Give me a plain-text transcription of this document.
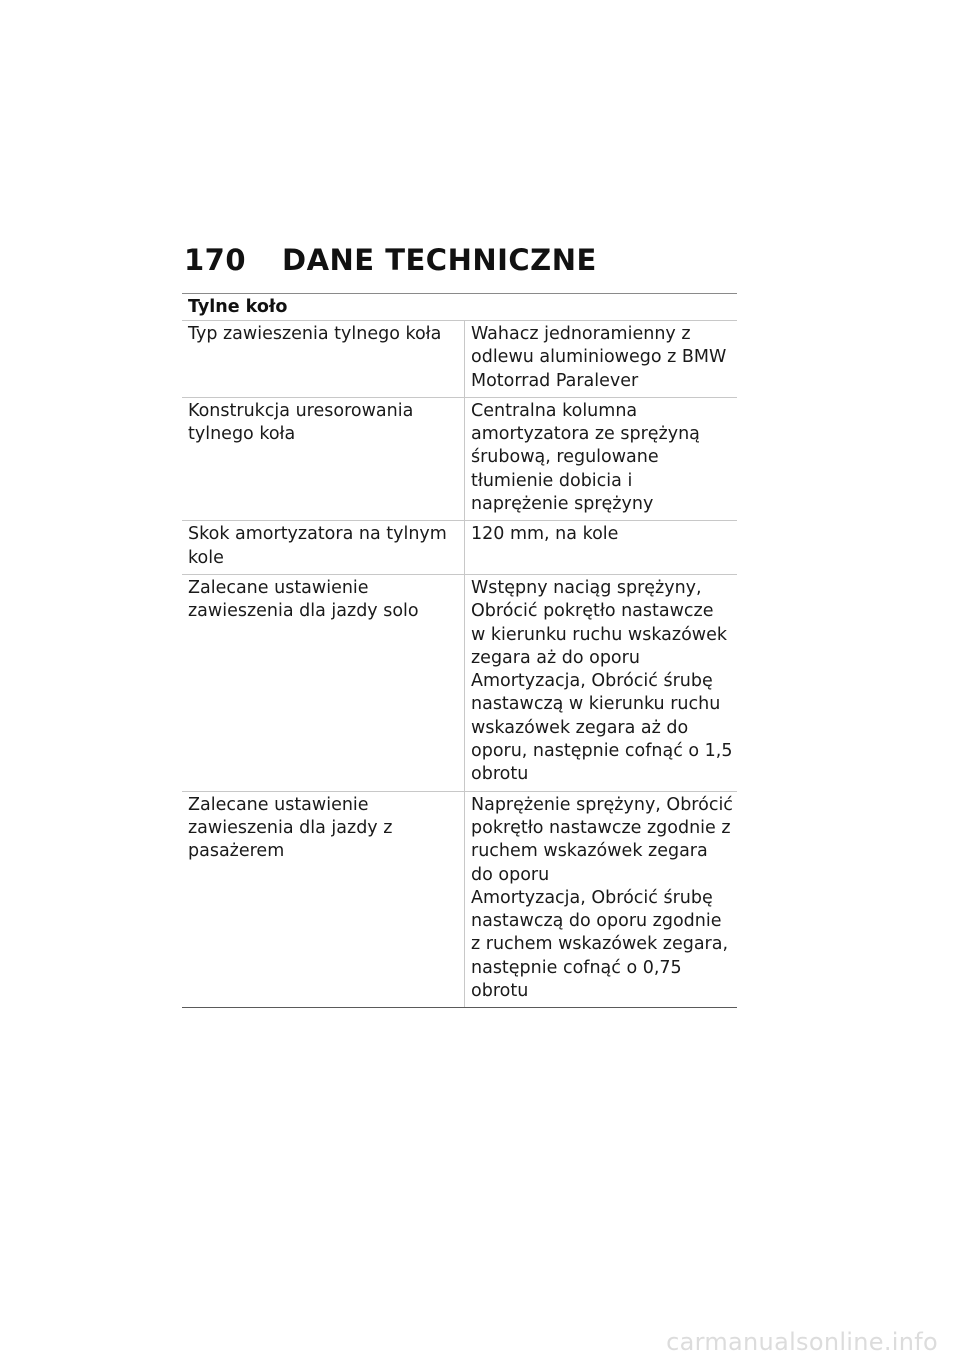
170	DANE TECHNICZNE
Tylne koło
Typ zawieszenia tylnego koła	Wahacz jednoramienny z odlewu aluminiowego z BMW Motorrad Paralever
Konstrukcja uresorowania tylnego koła
Centralna kolumna amortyzatora ze sprężyną śrubową, regulowane tłumienie dobicia i naprężenie sprężyny
Skok amortyzatora na tylnym kole
120 mm, na kole
Zalecane ustawienie zawieszenia dla jazdy solo
Wstępny naciąg sprężyny, Obrócić pokrętło nastawcze w kierunku ruchu wskazówek zegara aż do oporu
Amortyzacja, Obrócić śrubę nastawczą w kierunku ruchu wskazówek zegara aż do oporu, następnie cofnąć o 1,5 obrotu
Zalecane ustawienie zawieszenia dla jazdy z pasażerem
Naprężenie sprężyny, Obrócić pokrętło nastawcze zgodnie z ruchem wskazówek zegara do oporu
Amortyzacja, Obrócić śrubę nastawczą do oporu zgodnie z ruchem wskazówek zegara, następnie cofnąć o 0,75 obrotu
carmanualsonline.info
